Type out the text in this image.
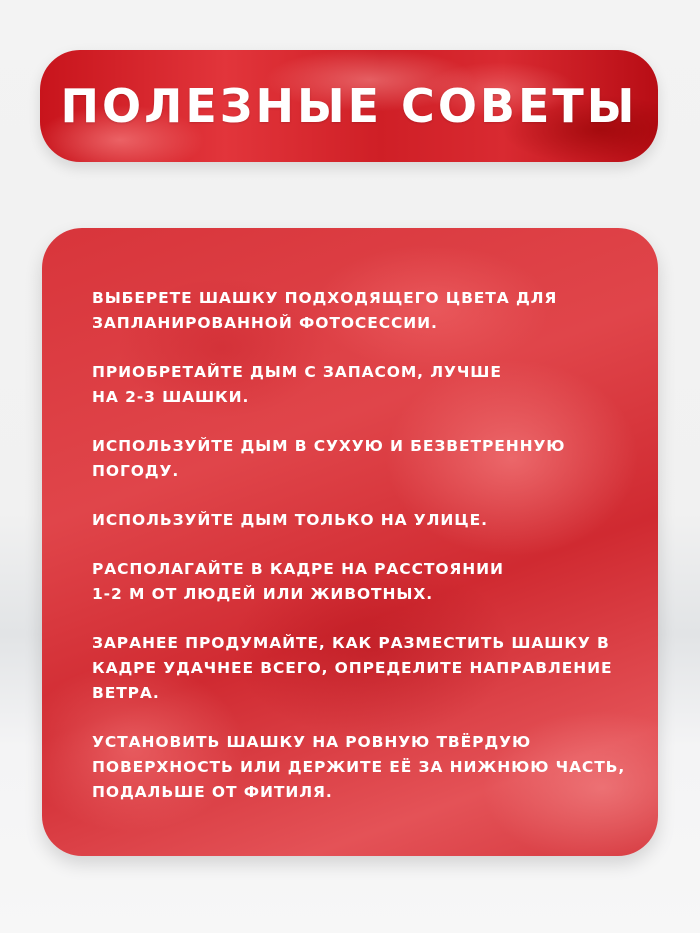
ПОЛЕЗНЫЕ СОВЕТЫ
ВЫБЕРЕТЕ ШАШКУ ПОДХОДЯЩЕГО ЦВЕТА ДЛЯ
ЗАПЛАНИРОВАННОЙ ФОТОСЕССИИ.
ПРИОБРЕТАЙТЕ ДЫМ С ЗАПАСОМ, ЛУЧШЕ
НА 2-3 ШАШКИ.
ИСПОЛЬЗУЙТЕ ДЫМ В СУХУЮ И БЕЗВЕТРЕННУЮ
ПОГОДУ.
ИСПОЛЬЗУЙТЕ ДЫМ ТОЛЬКО НА УЛИЦЕ.
РАСПОЛАГАЙТЕ В КАДРЕ НА РАССТОЯНИИ
1-2 М ОТ ЛЮДЕЙ ИЛИ ЖИВОТНЫХ.
ЗАРАНЕЕ ПРОДУМАЙТЕ, КАК РАЗМЕСТИТЬ ШАШКУ В
КАДРЕ УДАЧНЕЕ ВСЕГО, ОПРЕДЕЛИТЕ НАПРАВЛЕНИЕ
ВЕТРА.
УСТАНОВИТЬ ШАШКУ НА РОВНУЮ ТВЁРДУЮ
ПОВЕРХНОСТЬ ИЛИ ДЕРЖИТЕ ЕЁ ЗА НИЖНЮЮ ЧАСТЬ,
ПОДАЛЬШЕ ОТ ФИТИЛЯ.
